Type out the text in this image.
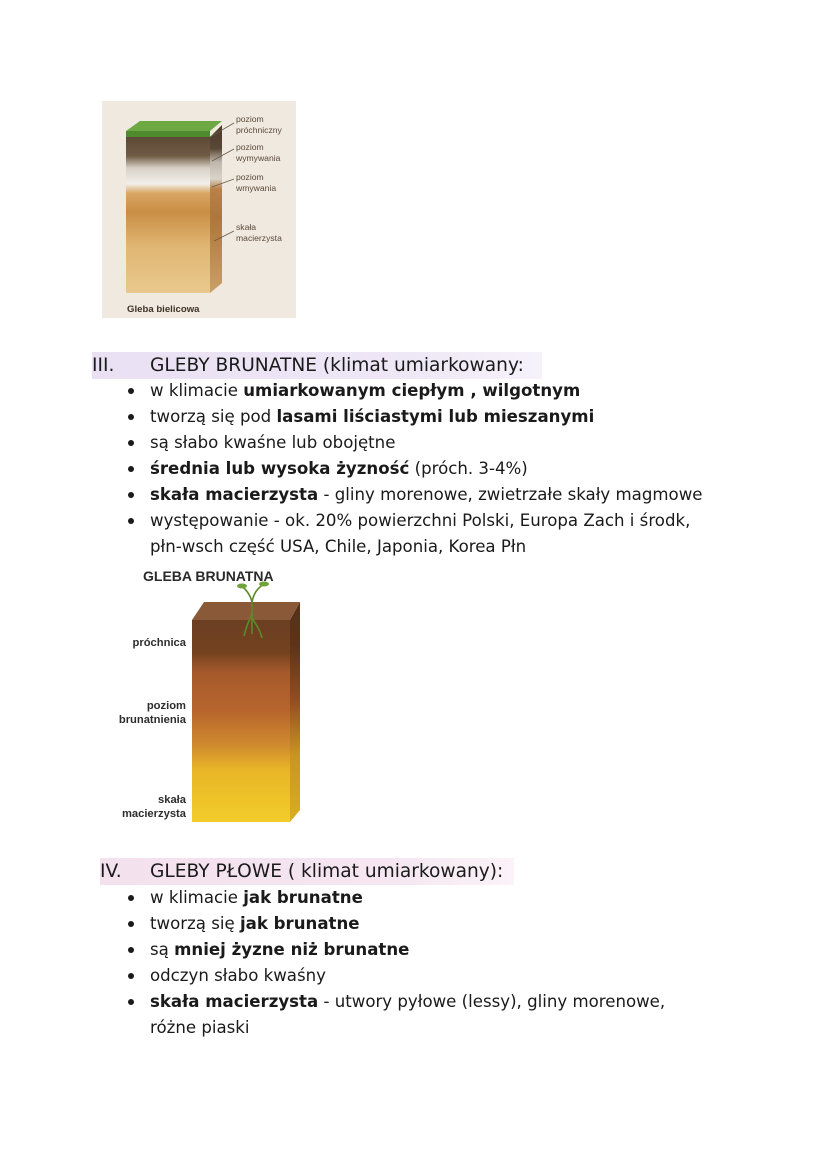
poziom
próchniczny
poziom
wymywania
poziom
wmywania
skała
macierzysta
Gleba bielicowa
III.	GLEBY BRUNATNE (klimat umiarkowany:
w klimacie umiarkowanym ciepłym , wilgotnym
tworzą się pod lasami liściastymi lub mieszanymi
są słabo kwaśne lub obojętne
średnia lub wysoka żyzność (próch. 3-4%)
skała macierzysta - gliny morenowe, zwietrzałe skały magmowe
występowanie - ok. 20% powierzchni Polski, Europa Zach i środk,
płn-wsch część USA, Chile, Japonia, Korea Płn
GLEBA BRUNATNA
próchnica
poziom
brunatnienia
skała
macierzysta
IV.	GLEBY PŁOWE ( klimat umiarkowany):
w klimacie jak brunatne
tworzą się jak brunatne
są mniej żyzne niż brunatne
odczyn słabo kwaśny
skała macierzysta - utwory pyłowe (lessy), gliny morenowe,
różne piaski
